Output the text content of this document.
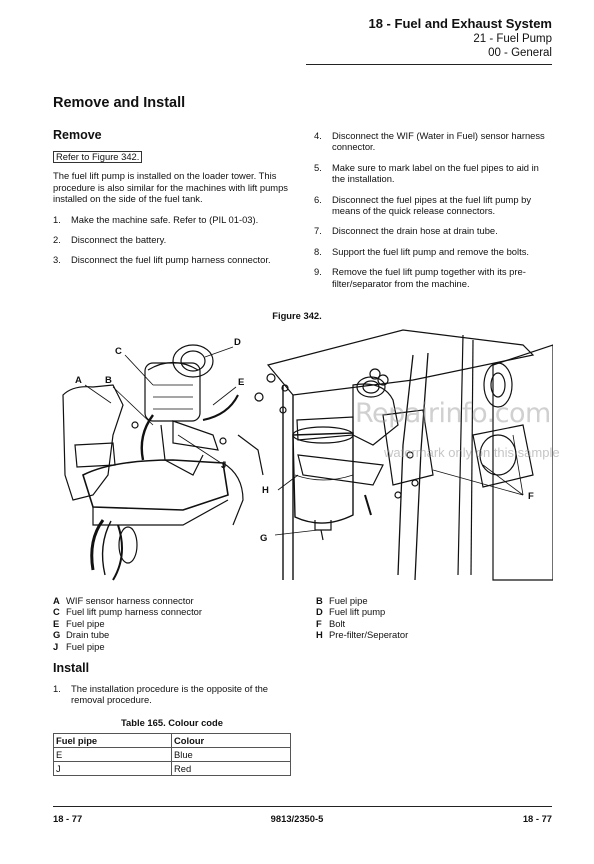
18 - Fuel and Exhaust System
21 - Fuel Pump
00 - General
Remove and Install
Remove
Refer to Figure 342.
The fuel lift pump is installed on the loader tower. This procedure is also similar for the machines with lift pumps installed on the side of the fuel tank.
1.	Make the machine safe. Refer to (PIL 01-03).
2.	Disconnect the battery.
3.	Disconnect the fuel lift pump harness connector.
4.	Disconnect the WIF (Water in Fuel) sensor harness connector.
5.	Make sure to mark label on the fuel pipes to aid in the installation.
6.	Disconnect the fuel pipes at the fuel lift pump by means of the quick release connectors.
7.	Disconnect the drain hose at drain tube.
8.	Support the fuel lift pump and remove the bolts.
9.	Remove the fuel lift pump together with its pre-filter/separator from the machine.
Figure 342.
A B
C
D
E
F
G
H
J
Repairinfo.com
watermark only on this sample
A WIF sensor harness connector
C Fuel lift pump harness connector
E Fuel pipe
G Drain tube
J Fuel pipe
B Fuel pipe
D Fuel lift pump
F Bolt
H Pre-filter/Seperator
Install
1.	The installation procedure is the opposite of the removal procedure.
Table 165. Colour code
Fuel pipe	Colour
E	Blue
J	Red
18 - 77	9813/2350-5	18 - 77
